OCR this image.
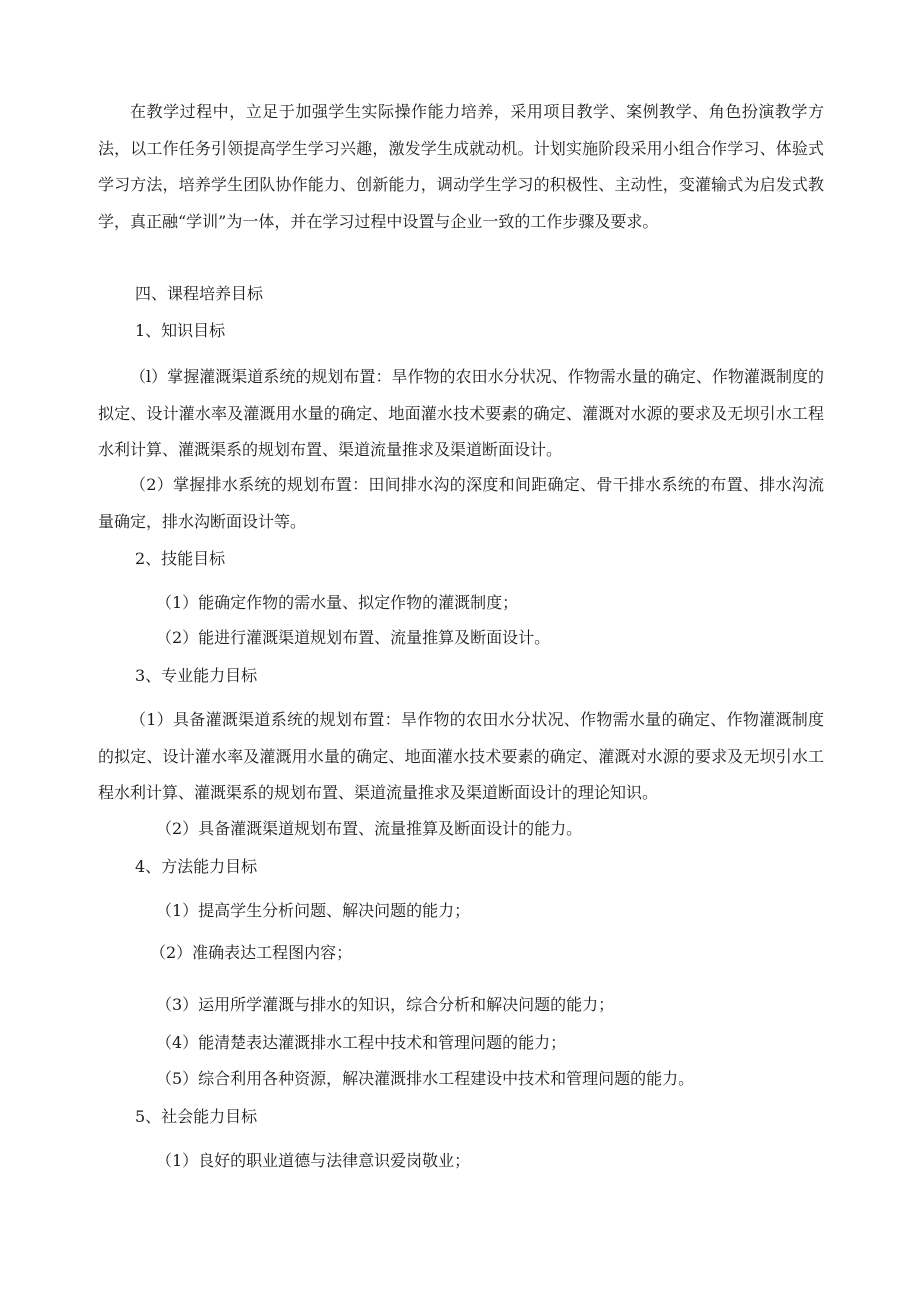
在教学过程中，立足于加强学生实际操作能力培养，采用项目教学、案例教学、角色扮演教学方法，以工作任务引领提高学生学习兴趣，激发学生成就动机。计划实施阶段采用小组合作学习、体验式学习方法，培养学生团队协作能力、创新能力，调动学生学习的积极性、主动性，变灌输式为启发式教学，真正融“学训”为一体，并在学习过程中设置与企业一致的工作步骤及要求。

四、课程培养目标

1、知识目标

（l）掌握灌溉渠道系统的规划布置：旱作物的农田水分状况、作物需水量的确定、作物灌溉制度的拟定、设计灌水率及灌溉用水量的确定、地面灌水技术要素的确定、灌溉对水源的要求及无坝引水工程水利计算、灌溉渠系的规划布置、渠道流量推求及渠道断面设计。

（2）掌握排水系统的规划布置：田间排水沟的深度和间距确定、骨干排水系统的布置、排水沟流量确定，排水沟断面设计等。

2、技能目标

（1）能确定作物的需水量、拟定作物的灌溉制度；

（2）能进行灌溉渠道规划布置、流量推算及断面设计。

3、专业能力目标

（1）具备灌溉渠道系统的规划布置：旱作物的农田水分状况、作物需水量的确定、作物灌溉制度的拟定、设计灌水率及灌溉用水量的确定、地面灌水技术要素的确定、灌溉对水源的要求及无坝引水工程水利计算、灌溉渠系的规划布置、渠道流量推求及渠道断面设计的理论知识。

（2）具备灌溉渠道规划布置、流量推算及断面设计的能力。

4、方法能力目标

（1）提高学生分析问题、解决问题的能力；

（2）准确表达工程图内容；

（3）运用所学灌溉与排水的知识，综合分析和解决问题的能力；

（4）能清楚表达灌溉排水工程中技术和管理问题的能力；

（5）综合利用各种资源，解决灌溉排水工程建设中技术和管理问题的能力。

5、社会能力目标

（1）良好的职业道德与法律意识爱岗敬业；
